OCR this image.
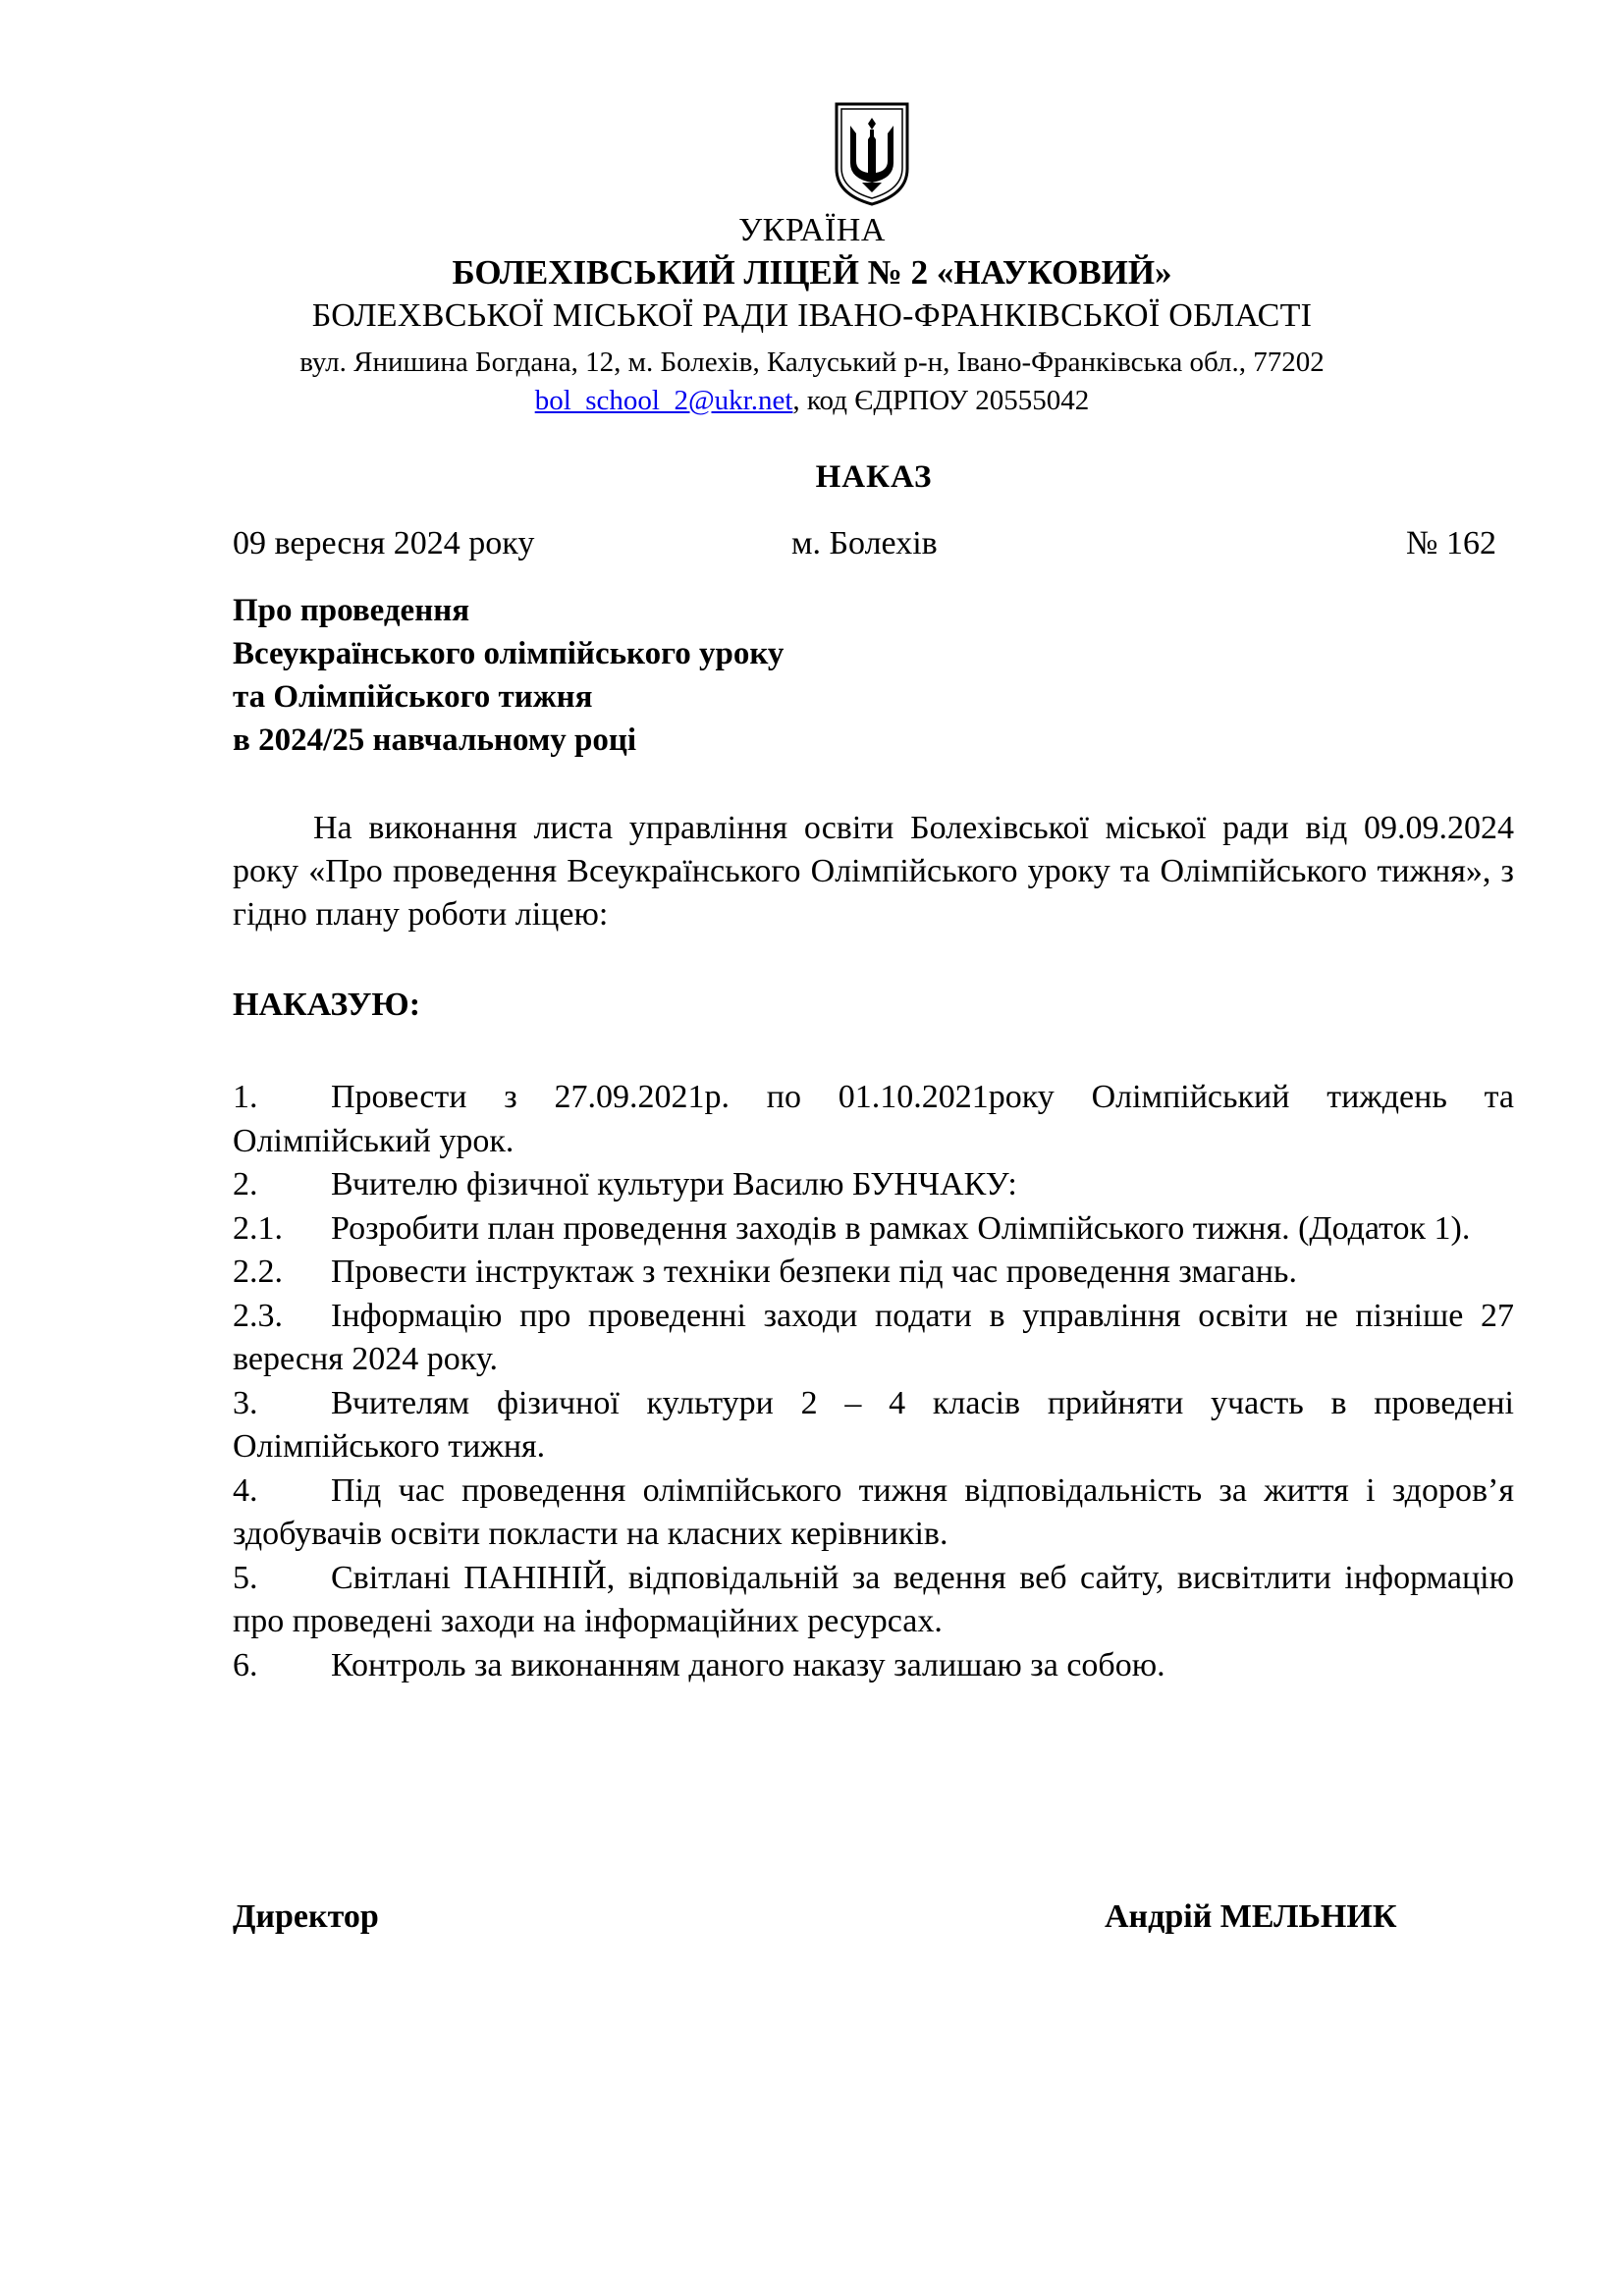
УКРАЇНА
БОЛЕХІВСЬКИЙ ЛІЦЕЙ № 2 «НАУКОВИЙ»
БОЛЕХВСЬКОЇ МІСЬКОЇ РАДИ ІВАНО-ФРАНКІВСЬКОЇ ОБЛАСТІ
вул. Янишина Богдана, 12, м. Болехів, Калуський р-н, Івано-Франківська обл., 77202
bol_school_2@ukr.net, код ЄДРПОУ 20555042
НАКАЗ
09 вересня 2024 року	м. Болехів	№ 162
Про проведення
Всеукраїнського олімпійського уроку
та Олімпійського тижня
в 2024/25 навчальному році
На виконання листа управління освіти Болехівської міської ради від 09.09.2024 року «Про проведення Всеукраїнського Олімпійського уроку та Олімпійського тижня», з гідно плану роботи ліцею:
НАКАЗУЮ:

1. Провести з 27.09.2021р. по 01.10.2021року Олімпійський тиждень та Олімпійський урок.

2. Вчителю фізичної культури Василю БУНЧАКУ:

2.1. Розробити план проведення заходів в рамках Олімпійського тижня. (Додаток 1).

2.2. Провести інструктаж з техніки безпеки під час проведення змагань.

2.3. Інформацію про проведенні заходи подати в управління освіти не пізніше 27 вересня 2024 року.

3. Вчителям фізичної культури 2 – 4 класів прийняти участь в проведені Олімпійського тижня.

4. Під час проведення олімпійського тижня відповідальність за життя і здоров’я здобувачів освіти покласти на класних керівників.

5. Світлані ПАНІНІЙ, відповідальній за ведення веб сайту, висвітлити інформацію про проведені заходи на інформаційних ресурсах.

6. Контроль за виконанням даного наказу залишаю за собою.

Директор	Андрій МЕЛЬНИК
